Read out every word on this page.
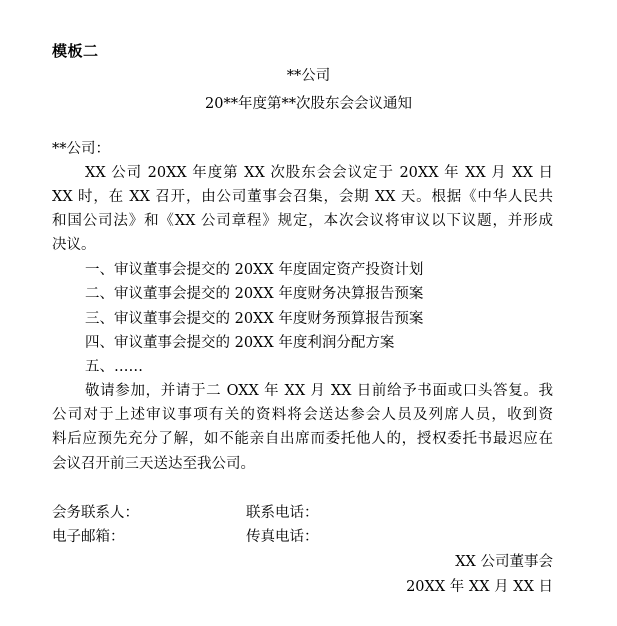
模板二
**公司
20**年度第**次股东会会议通知
**公司：
XX 公司 20XX 年度第 XX 次股东会会议定于 20XX 年 XX 月 XX 日
XX 时，在 XX 召开，由公司董事会召集，会期 XX 天。根据《中华人民共
和国公司法》和《XX 公司章程》规定，本次会议将审议以下议题，并形成
决议。
一、审议董事会提交的 20XX 年度固定资产投资计划
二、审议董事会提交的 20XX 年度财务决算报告预案
三、审议董事会提交的 20XX 年度财务预算报告预案
四、审议董事会提交的 20XX 年度利润分配方案
五、……
敬请参加，并请于二 OXX 年 XX 月 XX 日前给予书面或口头答复。我
公司对于上述审议事项有关的资料将会送达参会人员及列席人员，收到资
料后应预先充分了解，如不能亲自出席而委托他人的，授权委托书最迟应在
会议召开前三天送达至我公司。
会务联系人：	联系电话：
电子邮箱：	传真电话：
XX 公司董事会
20XX 年 XX 月 XX 日
